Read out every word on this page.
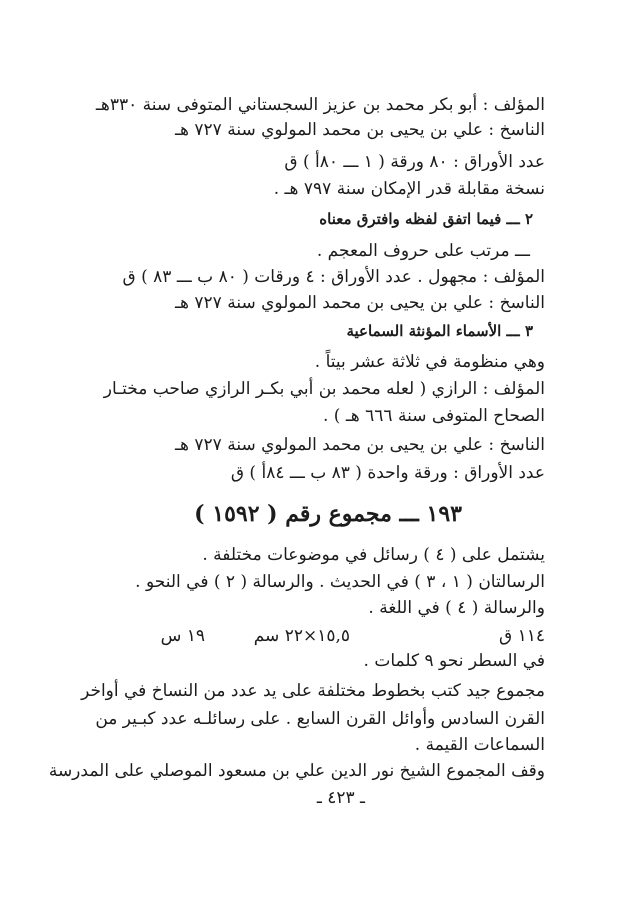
المؤلف : أبو بكر محمد بن عزيز السجستاني المتوفى سنة ٣٣٠هـ
الناسخ : علي بن يحيى بن محمد المولوي سنة ٧٢٧ هـ
عدد الأوراق : ٨٠ ورقة ( ١ ـــ ٨٠أ ) ق
نسخة مقابلة قدر الإمكان سنة ٧٩٧ هـ .
٢ ـــ فيما اتفق لفظه وافترق معناه
ـــ مرتب على حروف المعجم .
المؤلف : مجهول . عدد الأوراق : ٤ ورقات ( ٨٠ ب ـــ ٨٣ ) ق
الناسخ : علي بن يحيى بن محمد المولوي سنة ٧٢٧ هـ
٣ ـــ الأسماء المؤنثة السماعية
وهي منظومة في ثلاثة عشر بيتاً .
المؤلف : الرازي ( لعله محمد بن أبي بكـر الرازي صاحب مختـار
الصحاح المتوفى سنة ٦٦٦ هـ ) .
الناسخ : علي بن يحيى بن محمد المولوي سنة ٧٢٧ هـ
عدد الأوراق : ورقة واحدة ( ٨٣ ب ـــ ٨٤أ ) ق
١٩٣ ـــ مجموع رقم ( ١٥٩٢ )
يشتمل على ( ٤ ) رسائل في موضوعات مختلفة .
الرسالتان ( ١ ، ٣ ) في الحديث . والرسالة ( ٢ ) في النحو .
والرسالة ( ٤ ) في اللغة .
١١٤ ق
١٥,٥×٢٢ سم
١٩ س
في السطر نحو ٩ كلمات .
مجموع جيد كتب بخطوط مختلفة على يد عدد من النساخ في أواخر
القرن السادس وأوائل القرن السابع . على رسائلـه عدد كبـير من
السماعات القيمة .
وقف المجموع الشيخ نور الدين علي بن مسعود الموصلي على المدرسة
ـ ٤٢٣ ـ
